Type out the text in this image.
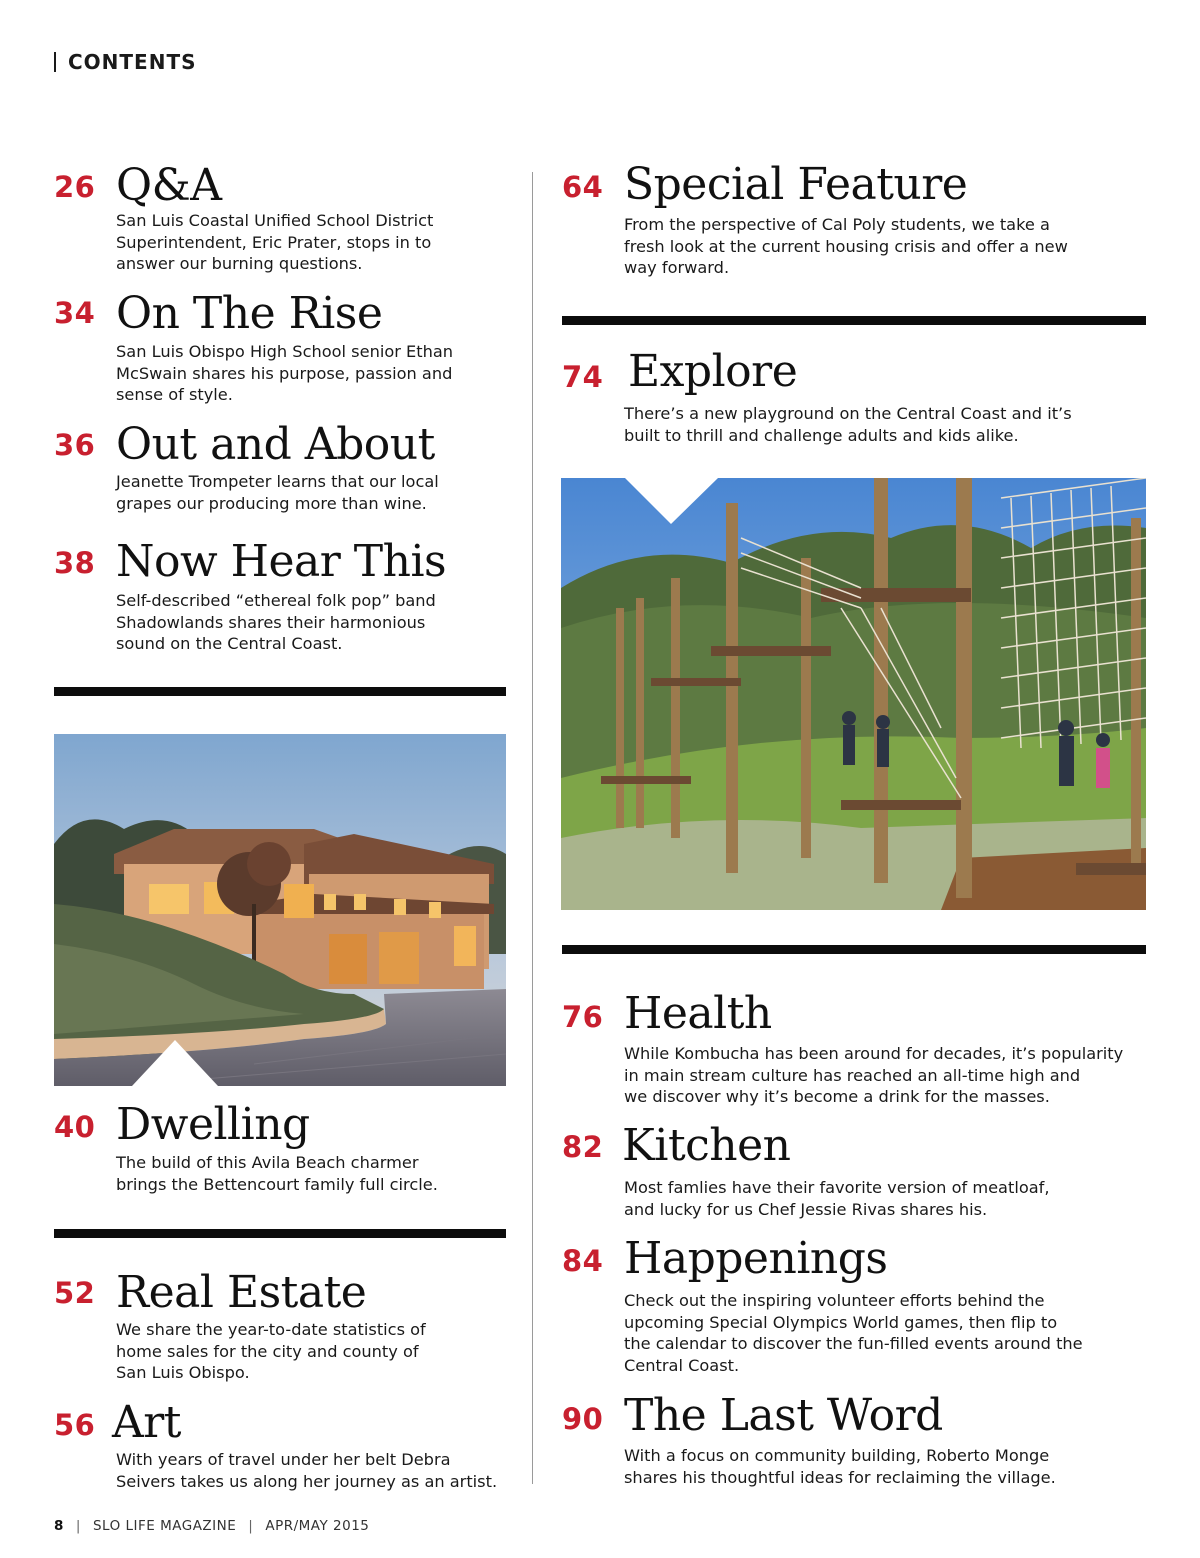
CONTENTS
26 Q&A
San Luis Coastal Unified School District
Superintendent, Eric Prater, stops in to
answer our burning questions.
34 On The Rise
San Luis Obispo High School senior Ethan
McSwain shares his purpose, passion and
sense of style.
36 Out and About
Jeanette Trompeter learns that our local
grapes our producing more than wine.
38 Now Hear This
Self-described “ethereal folk pop” band
Shadowlands shares their harmonious
sound on the Central Coast.
40 Dwelling
The build of this Avila Beach charmer
brings the Bettencourt family full circle.
52 Real Estate
We share the year-to-date statistics of
home sales for the city and county of
San Luis Obispo.
56 Art
With years of travel under her belt Debra
Seivers takes us along her journey as an artist.
64 Special Feature
From the perspective of Cal Poly students, we take a
fresh look at the current housing crisis and offer a new
way forward.
74 Explore
There’s a new playground on the Central Coast and it’s
built to thrill and challenge adults and kids alike.
76 Health
While Kombucha has been around for decades, it’s popularity
in main stream culture has reached an all-time high and
we discover why it’s become a drink for the masses.
82 Kitchen
Most famlies have their favorite version of meatloaf,
and lucky for us Chef Jessie Rivas shares his.
84 Happenings
Check out the inspiring volunteer efforts behind the
upcoming Special Olympics World games, then flip to
the calendar to discover the fun-filled events around the
Central Coast.
90 The Last Word
With a focus on community building, Roberto Monge
shares his thoughtful ideas for reclaiming the village.
8 | SLO LIFE MAGAZINE | APR/MAY 2015
